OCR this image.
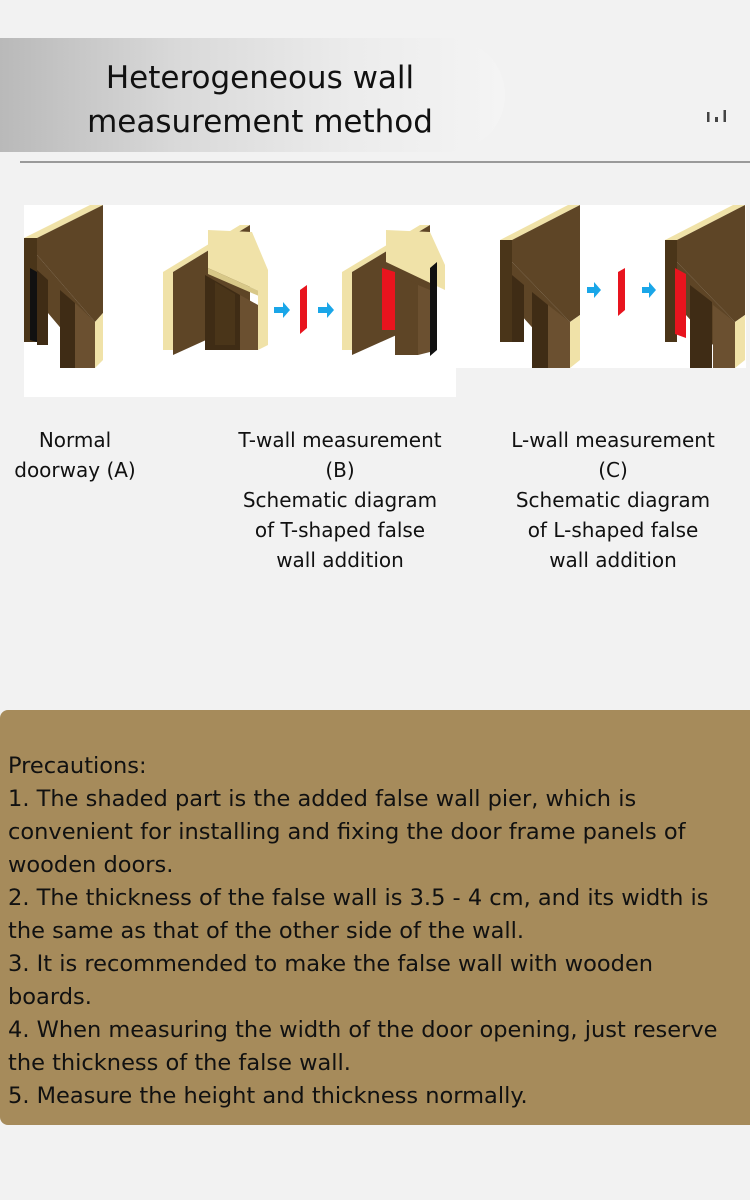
Heterogeneous wall
measurement method
Normal
doorway (A)
T-wall measurement
(B)
Schematic diagram
of T-shaped false
wall addition
L-wall measurement
(C)
Schematic diagram
of L-shaped false
wall addition
Precautions:
1. The shaded part is the added false wall pier, which is convenient for installing and fixing the door frame panels of wooden doors.
2. The thickness of the false wall is 3.5 - 4 cm, and its width is the same as that of the other side of the wall.
3. It is recommended to make the false wall with wooden boards.
4. When measuring the width of the door opening, just reserve the thickness of the false wall.
5. Measure the height and thickness normally.
